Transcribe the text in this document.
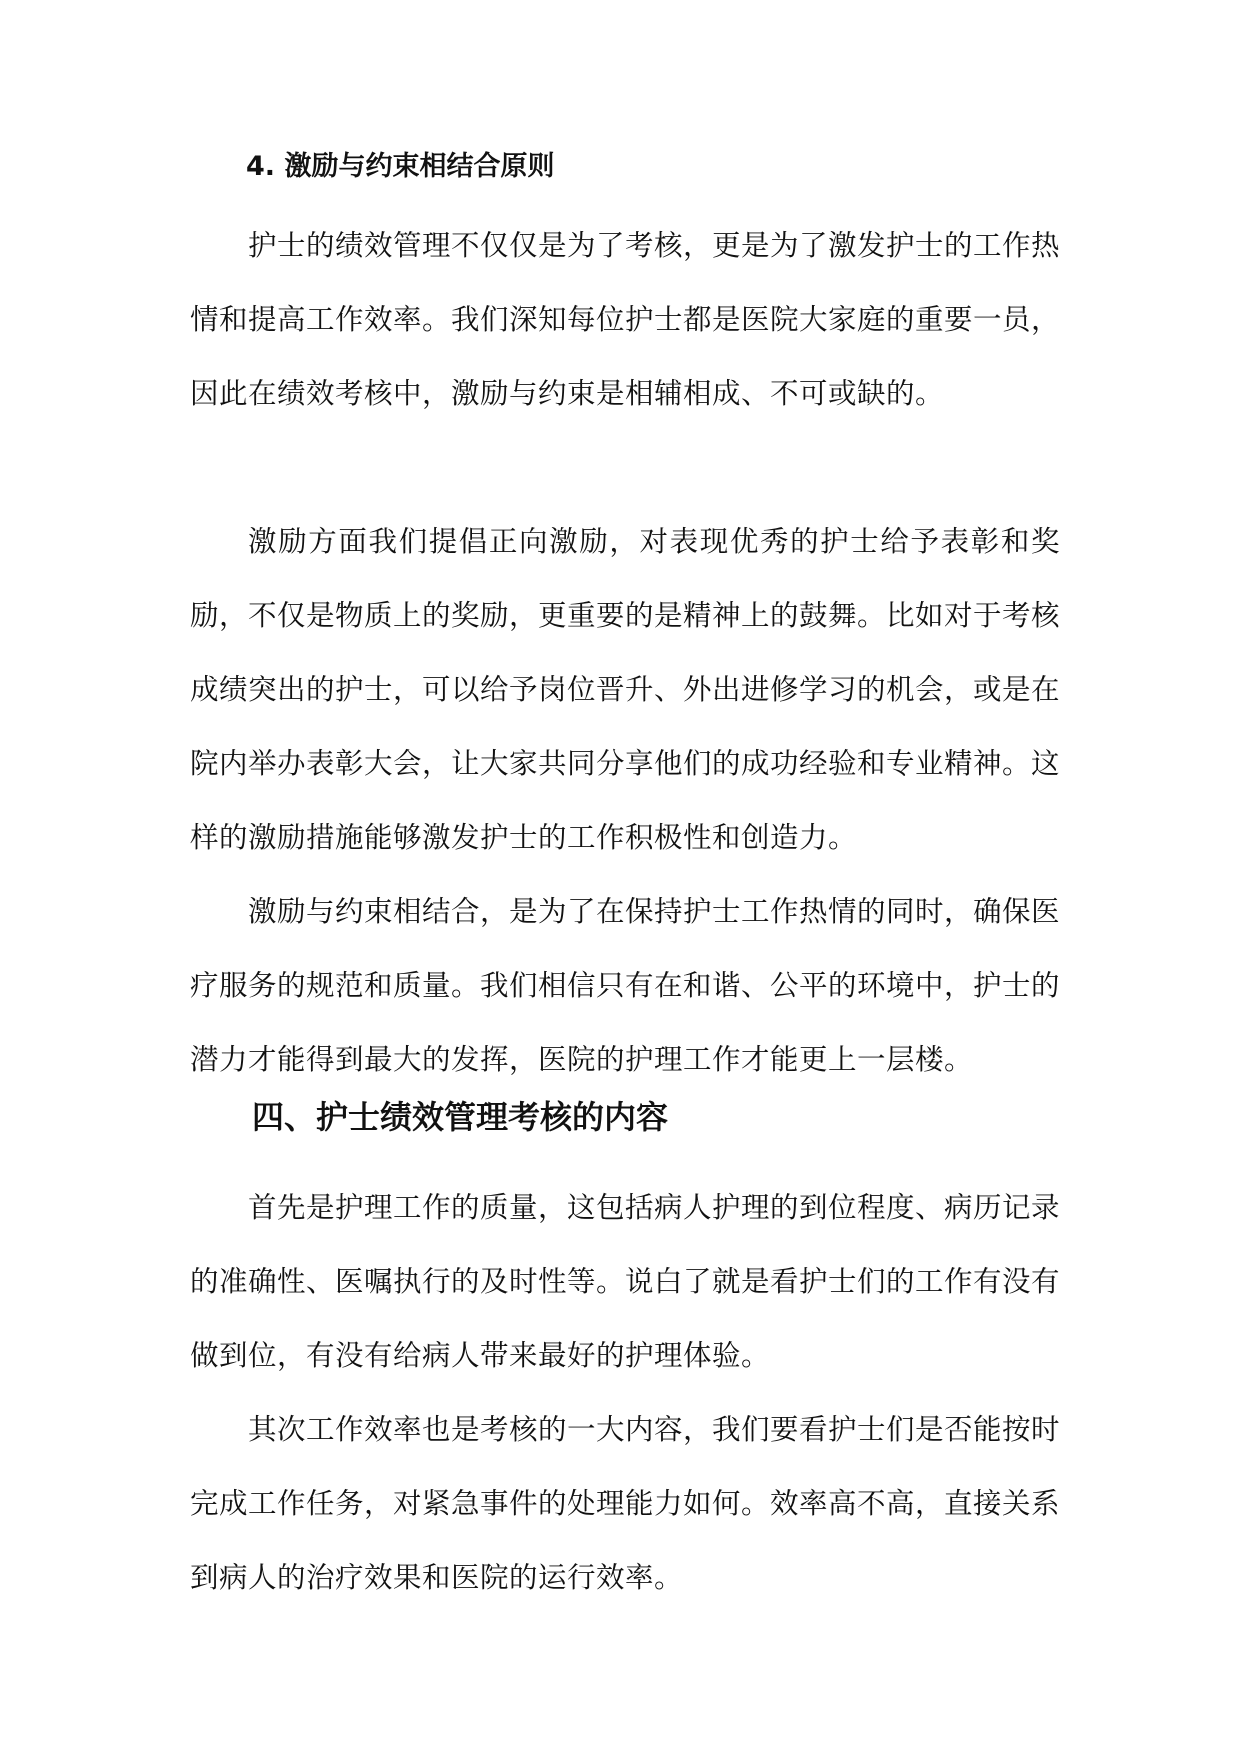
4. 激励与约束相结合原则

护士的绩效管理不仅仅是为了考核，更是为了激发护士的工作热情和提高工作效率。我们深知每位护士都是医院大家庭的重要一员，因此在绩效考核中，激励与约束是相辅相成、不可或缺的。

激励方面我们提倡正向激励，对表现优秀的护士给予表彰和奖励，不仅是物质上的奖励，更重要的是精神上的鼓舞。比如对于考核成绩突出的护士，可以给予岗位晋升、外出进修学习的机会，或是在院内举办表彰大会，让大家共同分享他们的成功经验和专业精神。这样的激励措施能够激发护士的工作积极性和创造力。

激励与约束相结合，是为了在保持护士工作热情的同时，确保医疗服务的规范和质量。我们相信只有在和谐、公平的环境中，护士的潜力才能得到最大的发挥，医院的护理工作才能更上一层楼。

四、护士绩效管理考核的内容

首先是护理工作的质量，这包括病人护理的到位程度、病历记录的准确性、医嘱执行的及时性等。说白了就是看护士们的工作有没有做到位，有没有给病人带来最好的护理体验。

其次工作效率也是考核的一大内容，我们要看护士们是否能按时完成工作任务，对紧急事件的处理能力如何。效率高不高，直接关系到病人的治疗效果和医院的运行效率。
